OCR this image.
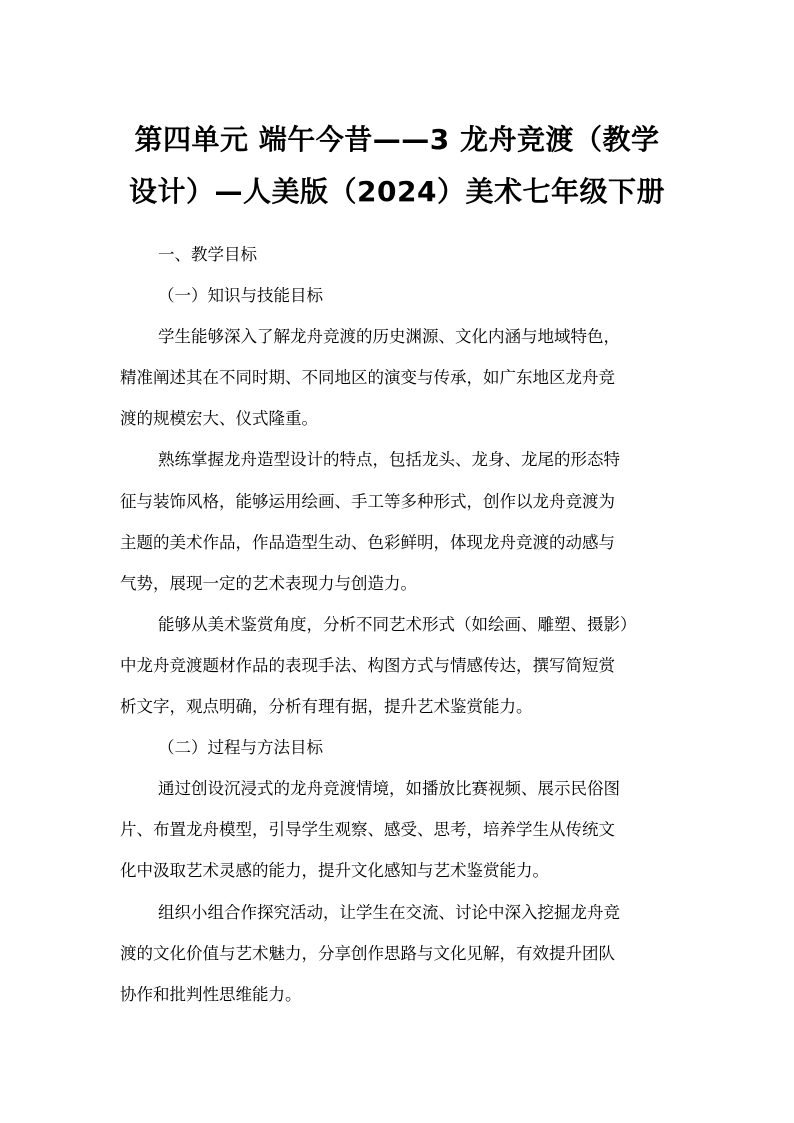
第四单元 端午今昔——3 龙舟竞渡（教学
设计）—人美版（2024）美术七年级下册
一、教学目标
（一）知识与技能目标
学生能够深入了解龙舟竞渡的历史渊源、文化内涵与地域特色，
精准阐述其在不同时期、不同地区的演变与传承，如广东地区龙舟竞
渡的规模宏大、仪式隆重。
熟练掌握龙舟造型设计的特点，包括龙头、龙身、龙尾的形态特
征与装饰风格，能够运用绘画、手工等多种形式，创作以龙舟竞渡为
主题的美术作品，作品造型生动、色彩鲜明，体现龙舟竞渡的动感与
气势，展现一定的艺术表现力与创造力。
能够从美术鉴赏角度，分析不同艺术形式（如绘画、雕塑、摄影）
中龙舟竞渡题材作品的表现手法、构图方式与情感传达，撰写简短赏
析文字，观点明确，分析有理有据，提升艺术鉴赏能力。
（二）过程与方法目标
通过创设沉浸式的龙舟竞渡情境，如播放比赛视频、展示民俗图
片、布置龙舟模型，引导学生观察、感受、思考，培养学生从传统文
化中汲取艺术灵感的能力，提升文化感知与艺术鉴赏能力。
组织小组合作探究活动，让学生在交流、讨论中深入挖掘龙舟竞
渡的文化价值与艺术魅力，分享创作思路与文化见解，有效提升团队
协作和批判性思维能力。
